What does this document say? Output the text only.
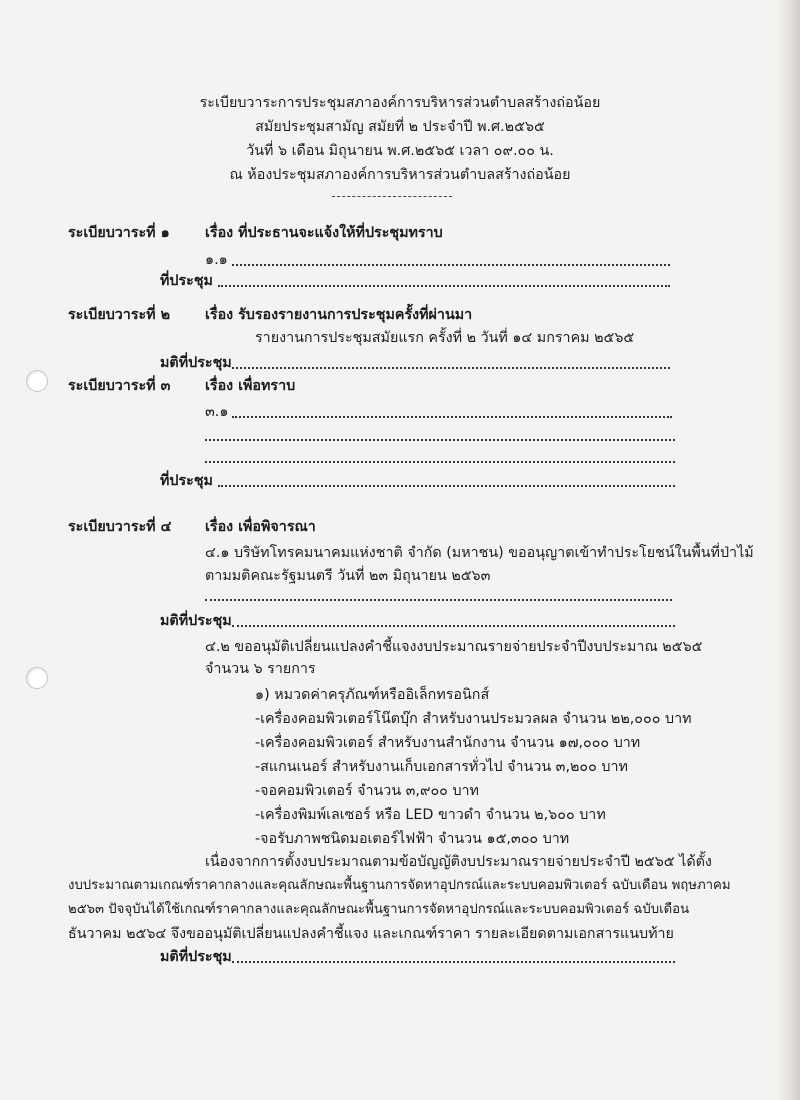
ระเบียบวาระการประชุมสภาองค์การบริหารส่วนตำบลสร้างถ่อน้อย
สมัยประชุมสามัญ สมัยที่ ๒ ประจำปี พ.ศ.๒๕๖๕
วันที่ ๖ เดือน มิถุนายน พ.ศ.๒๕๖๕ เวลา ๐๙.๐๐ น.
ณ ห้องประชุมสภาองค์การบริหารส่วนตำบลสร้างถ่อน้อย
ระเบียบวาระที่ ๑ เรื่อง ที่ประธานจะแจ้งให้ที่ประชุมทราบ
๑.๑
ที่ประชุม
ระเบียบวาระที่ ๒ เรื่อง รับรองรายงานการประชุมครั้งที่ผ่านมา
รายงานการประชุมสมัยแรก ครั้งที่ ๒ วันที่ ๑๔ มกราคม ๒๕๖๕
มติที่ประชุม
ระเบียบวาระที่ ๓ เรื่อง เพื่อทราบ
๓.๑
ที่ประชุม
ระเบียบวาระที่ ๔ เรื่อง เพื่อพิจารณา
๔.๑ บริษัทโทรคมนาคมแห่งชาติ จำกัด (มหาชน) ขออนุญาตเข้าทำประโยชน์ในพื้นที่ป่าไม้
ตามมติคณะรัฐมนตรี วันที่ ๒๓ มิถุนายน ๒๕๖๓
มติที่ประชุม
๔.๒ ขออนุมัติเปลี่ยนแปลงคำชี้แจงงบประมาณรายจ่ายประจำปีงบประมาณ ๒๕๖๕
จำนวน ๖ รายการ
๑) หมวดค่าครุภัณฑ์หรืออิเล็กทรอนิกส์
-เครื่องคอมพิวเตอร์โน๊ตบุ๊ก สำหรับงานประมวลผล จำนวน ๒๒,๐๐๐ บาท
-เครื่องคอมพิวเตอร์ สำหรับงานสำนักงาน จำนวน ๑๗,๐๐๐ บาท
-สแกนเนอร์ สำหรับงานเก็บเอกสารทั่วไป จำนวน ๓,๒๐๐ บาท
-จอคอมพิวเตอร์ จำนวน ๓,๙๐๐ บาท
-เครื่องพิมพ์เลเซอร์ หรือ LED ขาวดำ จำนวน ๒,๖๐๐ บาท
-จอรับภาพชนิดมอเตอร์ไฟฟ้า จำนวน ๑๕,๓๐๐ บาท
เนื่องจากการตั้งงบประมาณตามข้อบัญญัติงบประมาณรายจ่ายประจำปี ๒๕๖๕ ได้ตั้ง
งบประมาณตามเกณฑ์ราคากลางและคุณลักษณะพื้นฐานการจัดหาอุปกรณ์และระบบคอมพิวเตอร์ ฉบับเดือน พฤษภาคม
๒๕๖๓ ปัจจุบันได้ใช้เกณฑ์ราคากลางและคุณลักษณะพื้นฐานการจัดหาอุปกรณ์และระบบคอมพิวเตอร์ ฉบับเดือน
ธันวาคม ๒๕๖๔ จึงขออนุมัติเปลี่ยนแปลงคำชี้แจง และเกณฑ์ราคา รายละเอียดตามเอกสารแนบท้าย
มติที่ประชุม
